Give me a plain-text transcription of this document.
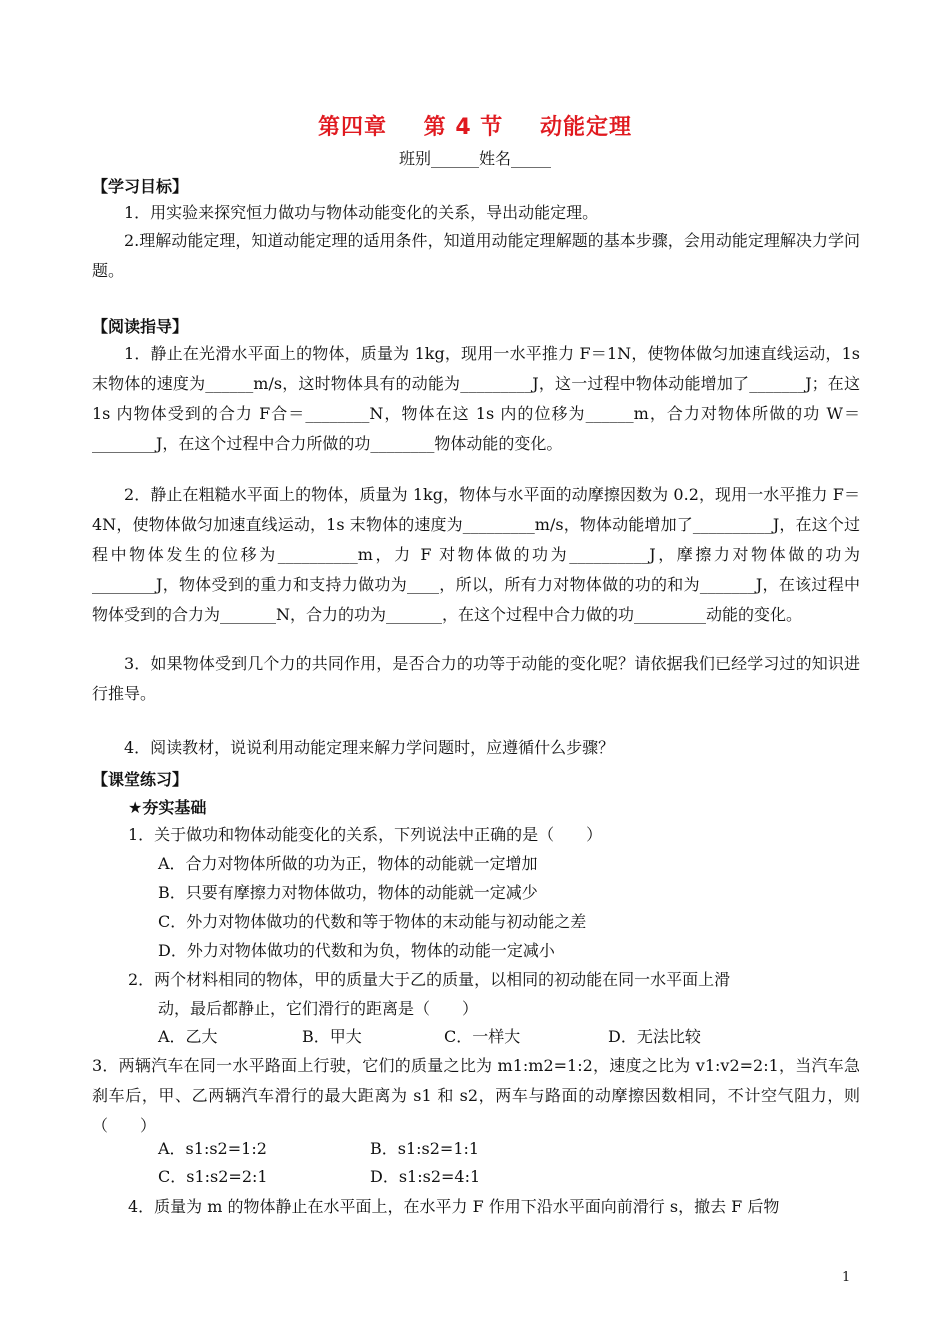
第四章 第 4 节 动能定理
班别______姓名_____
【学习目标】
1．用实验来探究恒力做功与物体动能变化的关系，导出动能定理。
2.理解动能定理，知道动能定理的适用条件，知道用动能定理解题的基本步骤，会用动能定理解决力学问题。
【阅读指导】
1．静止在光滑水平面上的物体，质量为 1kg，现用一水平推力 F＝1N，使物体做匀加速直线运动，1s 末物体的速度为______m/s，这时物体具有的动能为_________J，这一过程中物体动能增加了_______J；在这 1s 内物体受到的合力 F合＝________N，物体在这 1s 内的位移为______m，合力对物体所做的功 W＝________J，在这个过程中合力所做的功________物体动能的变化。
2．静止在粗糙水平面上的物体，质量为 1kg，物体与水平面的动摩擦因数为 0.2，现用一水平推力 F＝4N，使物体做匀加速直线运动，1s 末物体的速度为_________m/s，物体动能增加了__________J，在这个过程中物体发生的位移为__________m，力 F 对物体做的功为__________J，摩擦力对物体做的功为________J，物体受到的重力和支持力做功为____，所以，所有力对物体做的功的和为_______J，在该过程中物体受到的合力为_______N，合力的功为_______，在这个过程中合力做的功_________动能的变化。
3．如果物体受到几个力的共同作用，是否合力的功等于动能的变化呢？请依据我们已经学习过的知识进行推导。
4．阅读教材，说说利用动能定理来解力学问题时，应遵循什么步骤？
【课堂练习】
★夯实基础
1．关于做功和物体动能变化的关系，下列说法中正确的是（　　）
A．合力对物体所做的功为正，物体的动能就一定增加
B．只要有摩擦力对物体做功，物体的动能就一定减少
C．外力对物体做功的代数和等于物体的末动能与初动能之差
D．外力对物体做功的代数和为负，物体的动能一定减小
2．两个材料相同的物体，甲的质量大于乙的质量，以相同的初动能在同一水平面上滑
动，最后都静止，它们滑行的距离是（　　）
A．乙大	B．甲大	C．一样大	D．无法比较
3．两辆汽车在同一水平路面上行驶，它们的质量之比为 m1:m2=1:2，速度之比为 v1:v2=2:1，当汽车急刹车后，甲、乙两辆汽车滑行的最大距离为 s1 和 s2，两车与路面的动摩擦因数相同，不计空气阻力，则（　　）
A．s1:s2=1:2	B．s1:s2=1:1
C．s1:s2=2:1	D．s1:s2=4:1
4．质量为 m 的物体静止在水平面上，在水平力 F 作用下沿水平面向前滑行 s，撤去 F 后物
1
